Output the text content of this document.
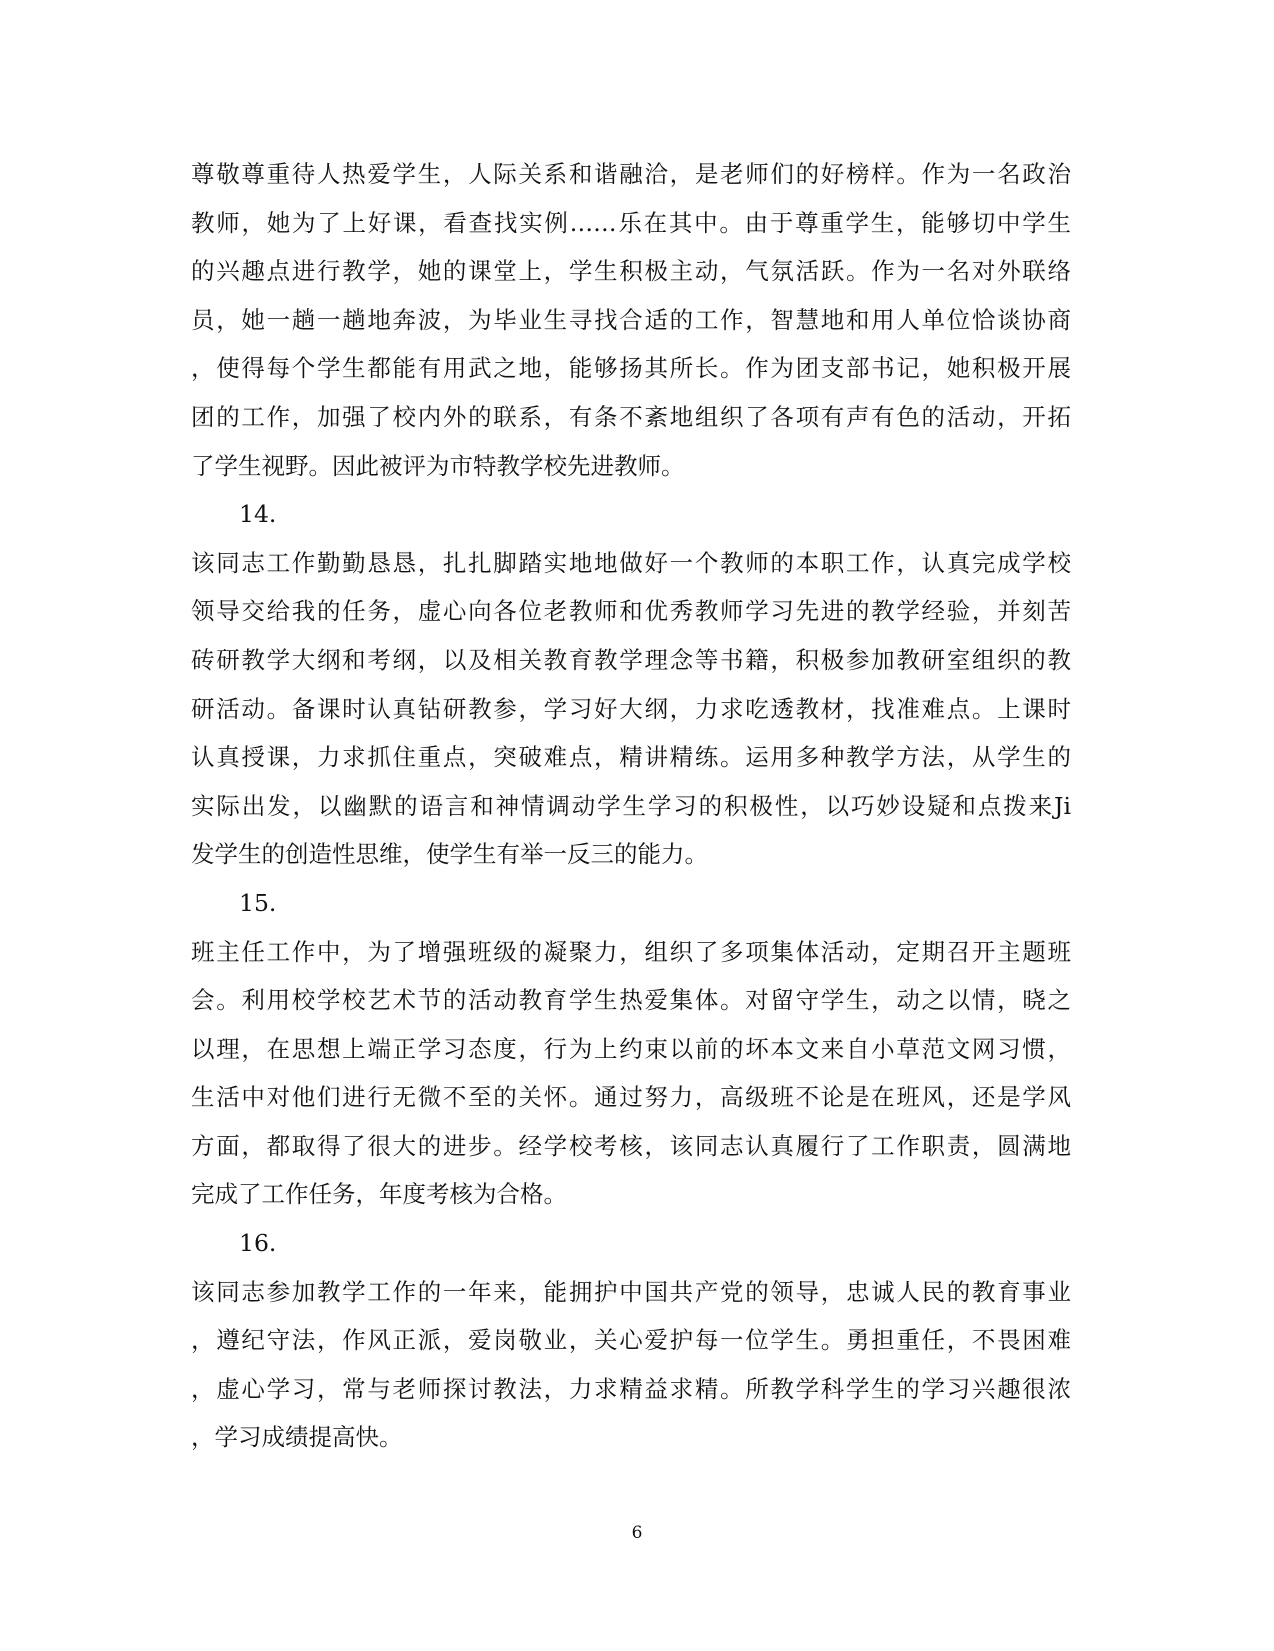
尊敬尊重待人热爱学生，人际关系和谐融洽，是老师们的好榜样。作为一名政治
教师，她为了上好课，看查找实例……乐在其中。由于尊重学生，能够切中学生
的兴趣点进行教学，她的课堂上，学生积极主动，气氛活跃。作为一名对外联络
员，她一趟一趟地奔波，为毕业生寻找合适的工作，智慧地和用人单位恰谈协商
，使得每个学生都能有用武之地，能够扬其所长。作为团支部书记，她积极开展
团的工作，加强了校内外的联系，有条不紊地组织了各项有声有色的活动，开拓
了学生视野。因此被评为市特教学校先进教师。
14.
该同志工作勤勤恳恳，扎扎脚踏实地地做好一个教师的本职工作，认真完成学校
领导交给我的任务，虚心向各位老教师和优秀教师学习先进的教学经验，并刻苦
砖研教学大纲和考纲，以及相关教育教学理念等书籍，积极参加教研室组织的教
研活动。备课时认真钻研教参，学习好大纲，力求吃透教材，找准难点。上课时
认真授课，力求抓住重点，突破难点，精讲精练。运用多种教学方法，从学生的
实际出发，以幽默的语言和神情调动学生学习的积极性，以巧妙设疑和点拨来Ji
发学生的创造性思维，使学生有举一反三的能力。
15.
班主任工作中，为了增强班级的凝聚力，组织了多项集体活动，定期召开主题班
会。利用校学校艺术节的活动教育学生热爱集体。对留守学生，动之以情，晓之
以理，在思想上端正学习态度，行为上约束以前的坏本文来自小草范文网习惯，
生活中对他们进行无微不至的关怀。通过努力，高级班不论是在班风，还是学风
方面，都取得了很大的进步。经学校考核，该同志认真履行了工作职责，圆满地
完成了工作任务，年度考核为合格。
16.
该同志参加教学工作的一年来，能拥护中国共产党的领导，忠诚人民的教育事业
，遵纪守法，作风正派，爱岗敬业，关心爱护每一位学生。勇担重任，不畏困难
，虚心学习，常与老师探讨教法，力求精益求精。所教学科学生的学习兴趣很浓
，学习成绩提高快。
6
